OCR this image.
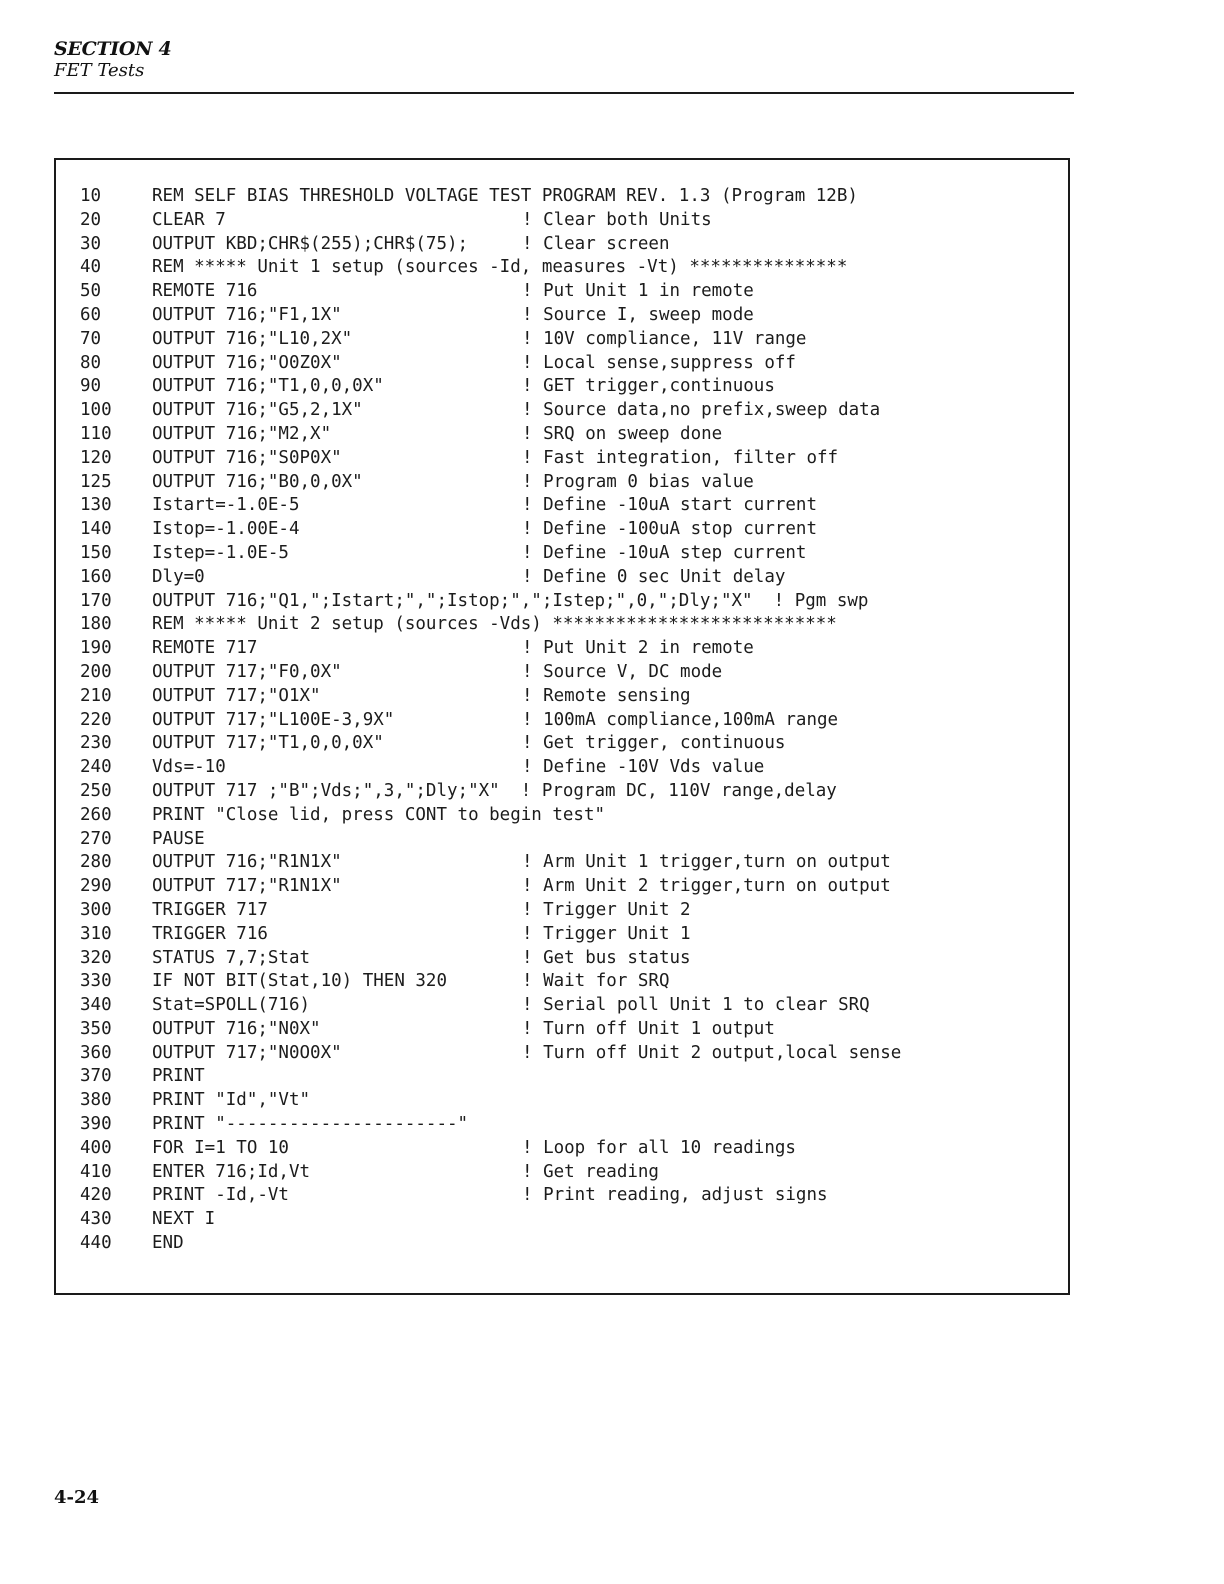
SECTION 4
FET Tests
10	REM SELF BIAS THRESHOLD VOLTAGE TEST PROGRAM REV. 1.3 (Program 12B)
20	CLEAR 7	! Clear both Units
30	OUTPUT KBD;CHR$(255);CHR$(75);	! Clear screen
40	REM ***** Unit 1 setup (sources -Id, measures -Vt) ***************
50	REMOTE 716	! Put Unit 1 in remote
60	OUTPUT 716;"F1,1X"	! Source I, sweep mode
70	OUTPUT 716;"L10,2X"	! 10V compliance, 11V range
80	OUTPUT 716;"O0Z0X"	! Local sense,suppress off
90	OUTPUT 716;"T1,0,0,0X"	! GET trigger,continuous
100 OUTPUT 716;"G5,2,1X"	! Source data,no prefix,sweep data
110 OUTPUT 716;"M2,X"	! SRQ on sweep done
120 OUTPUT 716;"S0P0X"	! Fast integration, filter off
125 OUTPUT 716;"B0,0,0X"	! Program 0 bias value
130 Istart=-1.0E-5	! Define -10uA start current
140 Istop=-1.00E-4	! Define -100uA stop current
150 Istep=-1.0E-5	! Define -10uA step current
160 Dly=0	! Define 0 sec Unit delay
170 OUTPUT 716;"Q1,";Istart;",";Istop;",";Istep;",0,";Dly;"X"  ! Pgm swp
180 REM ***** Unit 2 setup (sources -Vds) ***************************
190 REMOTE 717	! Put Unit 2 in remote
200 OUTPUT 717;"F0,0X"	! Source V, DC mode
210 OUTPUT 717;"O1X"	! Remote sensing
220 OUTPUT 717;"L100E-3,9X"	! 100mA compliance,100mA range
230 OUTPUT 717;"T1,0,0,0X"	! Get trigger, continuous
240 Vds=-10	! Define -10V Vds value
250 OUTPUT 717 ;"B";Vds;",3,";Dly;"X"  ! Program DC, 110V range,delay
260 PRINT "Close lid, press CONT to begin test"
270 PAUSE
280 OUTPUT 716;"R1N1X"	! Arm Unit 1 trigger,turn on output
290 OUTPUT 717;"R1N1X"	! Arm Unit 2 trigger,turn on output
300 TRIGGER 717	! Trigger Unit 2
310 TRIGGER 716	! Trigger Unit 1
320 STATUS 7,7;Stat	! Get bus status
330 IF NOT BIT(Stat,10) THEN 320	! Wait for SRQ
340 Stat=SPOLL(716)	! Serial poll Unit 1 to clear SRQ
350 OUTPUT 716;"N0X"	! Turn off Unit 1 output
360 OUTPUT 717;"N0O0X"	! Turn off Unit 2 output,local sense
370 PRINT
380 PRINT "Id","Vt"
390 PRINT "----------------------"
400 FOR I=1 TO 10	! Loop for all 10 readings
410 ENTER 716;Id,Vt	! Get reading
420 PRINT -Id,-Vt	! Print reading, adjust signs
430 NEXT I
440 END
4-24
